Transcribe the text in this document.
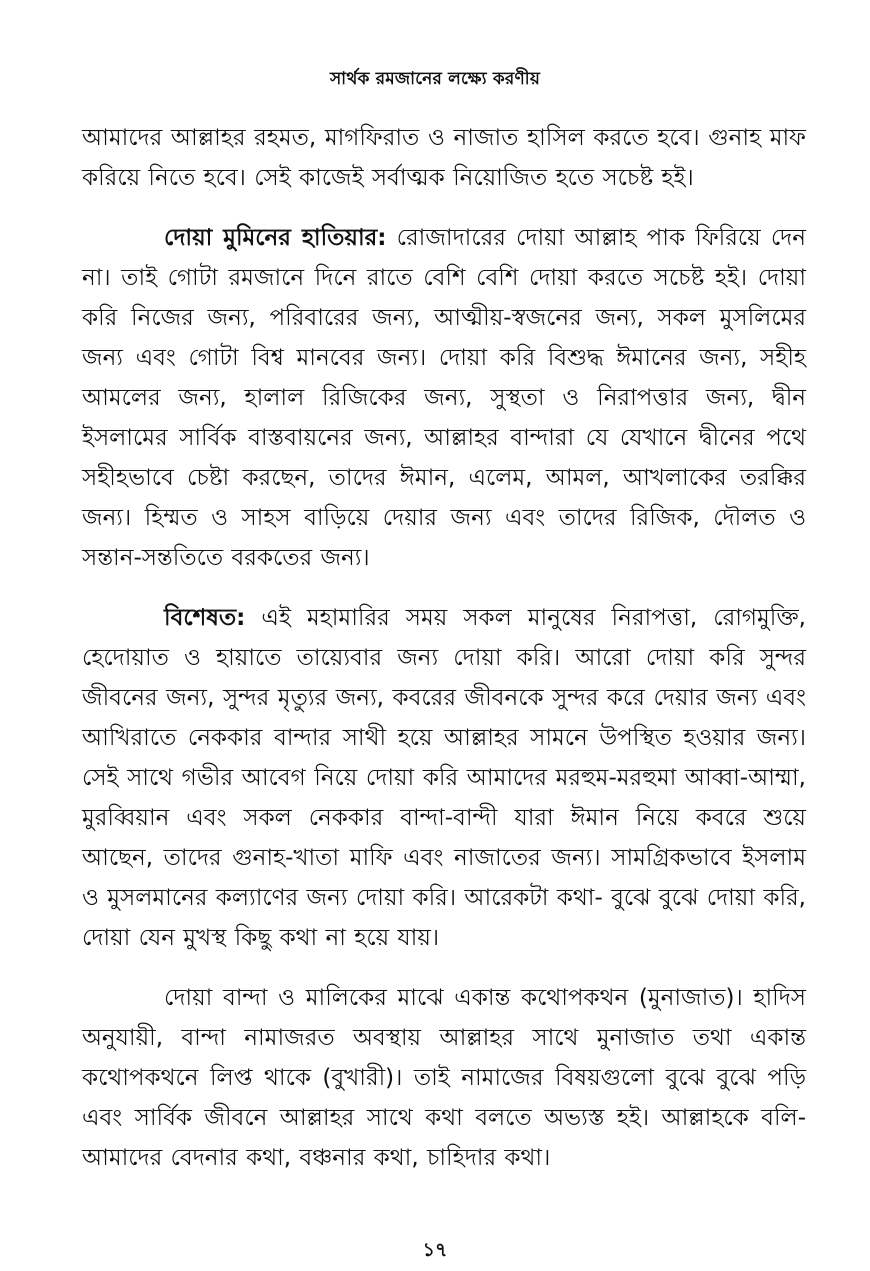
সার্থক রমজানের লক্ষ্যে করণীয়

আমাদের আল্লাহর রহমত, মাগফিরাত ও নাজাত হাসিল করতে হবে। গুনাহ মাফ করিয়ে নিতে হবে। সেই কাজেই সর্বাত্মক নিয়োজিত হতে সচেষ্ট হই।

দোয়া মুমিনের হাতিয়ার: রোজাদারের দোয়া আল্লাহ পাক ফিরিয়ে দেন না। তাই গোটা রমজানে দিনে রাতে বেশি বেশি দোয়া করতে সচেষ্ট হই। দোয়া করি নিজের জন্য, পরিবারের জন্য, আত্মীয়-স্বজনের জন্য, সকল মুসলিমের জন্য এবং গোটা বিশ্ব মানবের জন্য। দোয়া করি বিশুদ্ধ ঈমানের জন্য, সহীহ আমলের জন্য, হালাল রিজিকের জন্য, সুস্থতা ও নিরাপত্তার জন্য, দ্বীন ইসলামের সার্বিক বাস্তবায়নের জন্য, আল্লাহর বান্দারা যে যেখানে দ্বীনের পথে সহীহভাবে চেষ্টা করছেন, তাদের ঈমান, এলেম, আমল, আখলাকের তরক্কির জন্য। হিম্মত ও সাহস বাড়িয়ে দেয়ার জন্য এবং তাদের রিজিক, দৌলত ও সন্তান-সন্ততিতে বরকতের জন্য।

বিশেষত: এই মহামারির সময় সকল মানুষের নিরাপত্তা, রোগমুক্তি, হেদোয়াত ও হায়াতে তায়্যেবার জন্য দোয়া করি। আরো দোয়া করি সুন্দর জীবনের জন্য, সুন্দর মৃত্যুর জন্য, কবরের জীবনকে সুন্দর করে দেয়ার জন্য এবং আখিরাতে নেককার বান্দার সাথী হয়ে আল্লাহর সামনে উপস্থিত হওয়ার জন্য। সেই সাথে গভীর আবেগ নিয়ে দোয়া করি আমাদের মরহুম-মরহুমা আব্বা-আম্মা, মুরব্বিয়ান এবং সকল নেককার বান্দা-বান্দী যারা ঈমান নিয়ে কবরে শুয়ে আছেন, তাদের গুনাহ-খাতা মাফি এবং নাজাতের জন্য। সামগ্রিকভাবে ইসলাম ও মুসলমানের কল্যাণের জন্য দোয়া করি। আরেকটা কথা- বুঝে বুঝে দোয়া করি, দোয়া যেন মুখস্থ কিছু কথা না হয়ে যায়।

দোয়া বান্দা ও মালিকের মাঝে একান্ত কথোপকথন (মুনাজাত)। হাদিস অনুযায়ী, বান্দা নামাজরত অবস্থায় আল্লাহর সাথে মুনাজাত তথা একান্ত কথোপকথনে লিপ্ত থাকে (বুখারী)। তাই নামাজের বিষয়গুলো বুঝে বুঝে পড়ি এবং সার্বিক জীবনে আল্লাহর সাথে কথা বলতে অভ্যস্ত হই। আল্লাহকে বলি- আমাদের বেদনার কথা, বঞ্চনার কথা, চাহিদার কথা।

১৭
